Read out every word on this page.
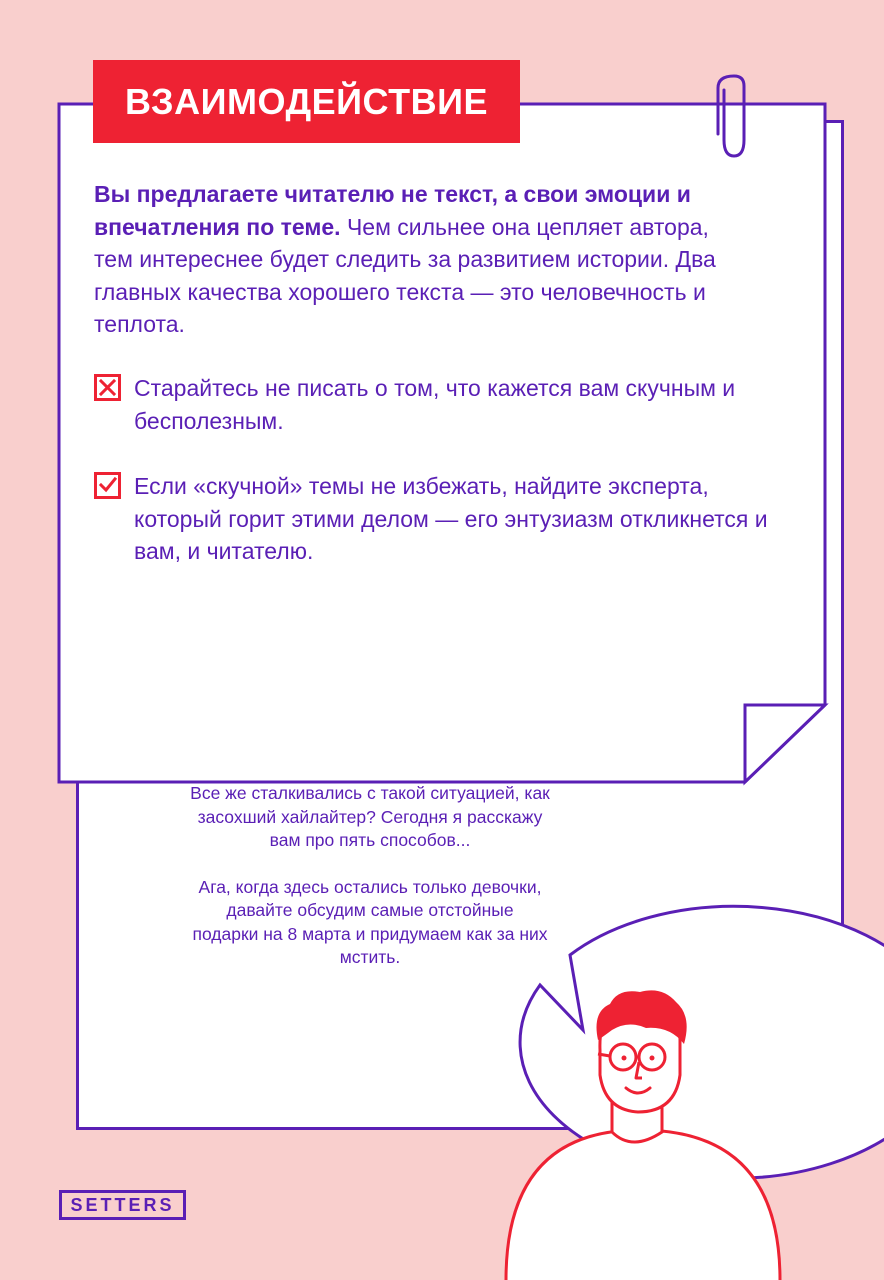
ВЗАИМОДЕЙСТВИЕ
Вы предлагаете читателю не текст, а свои эмоции и впечатления по теме. Чем сильнее она цепляет автора, тем интереснее будет следить за развитием истории. Два главных качества хорошего текста — это человечность и теплота.
Старайтесь не писать о том, что кажется вам скучным и бесполезным.
Если «скучной» темы не избежать, найдите эксперта, который горит этими делом — его энтузиазм откликнется и вам, и читателю.

Все же сталкивались с такой ситуацией, как засохший хайлайтер? Сегодня я расскажу вам про пять способов...

Ага, когда здесь остались только девочки, давайте обсудим самые отстойные подарки на 8 марта и придумаем как за них мстить.

SETTERS
